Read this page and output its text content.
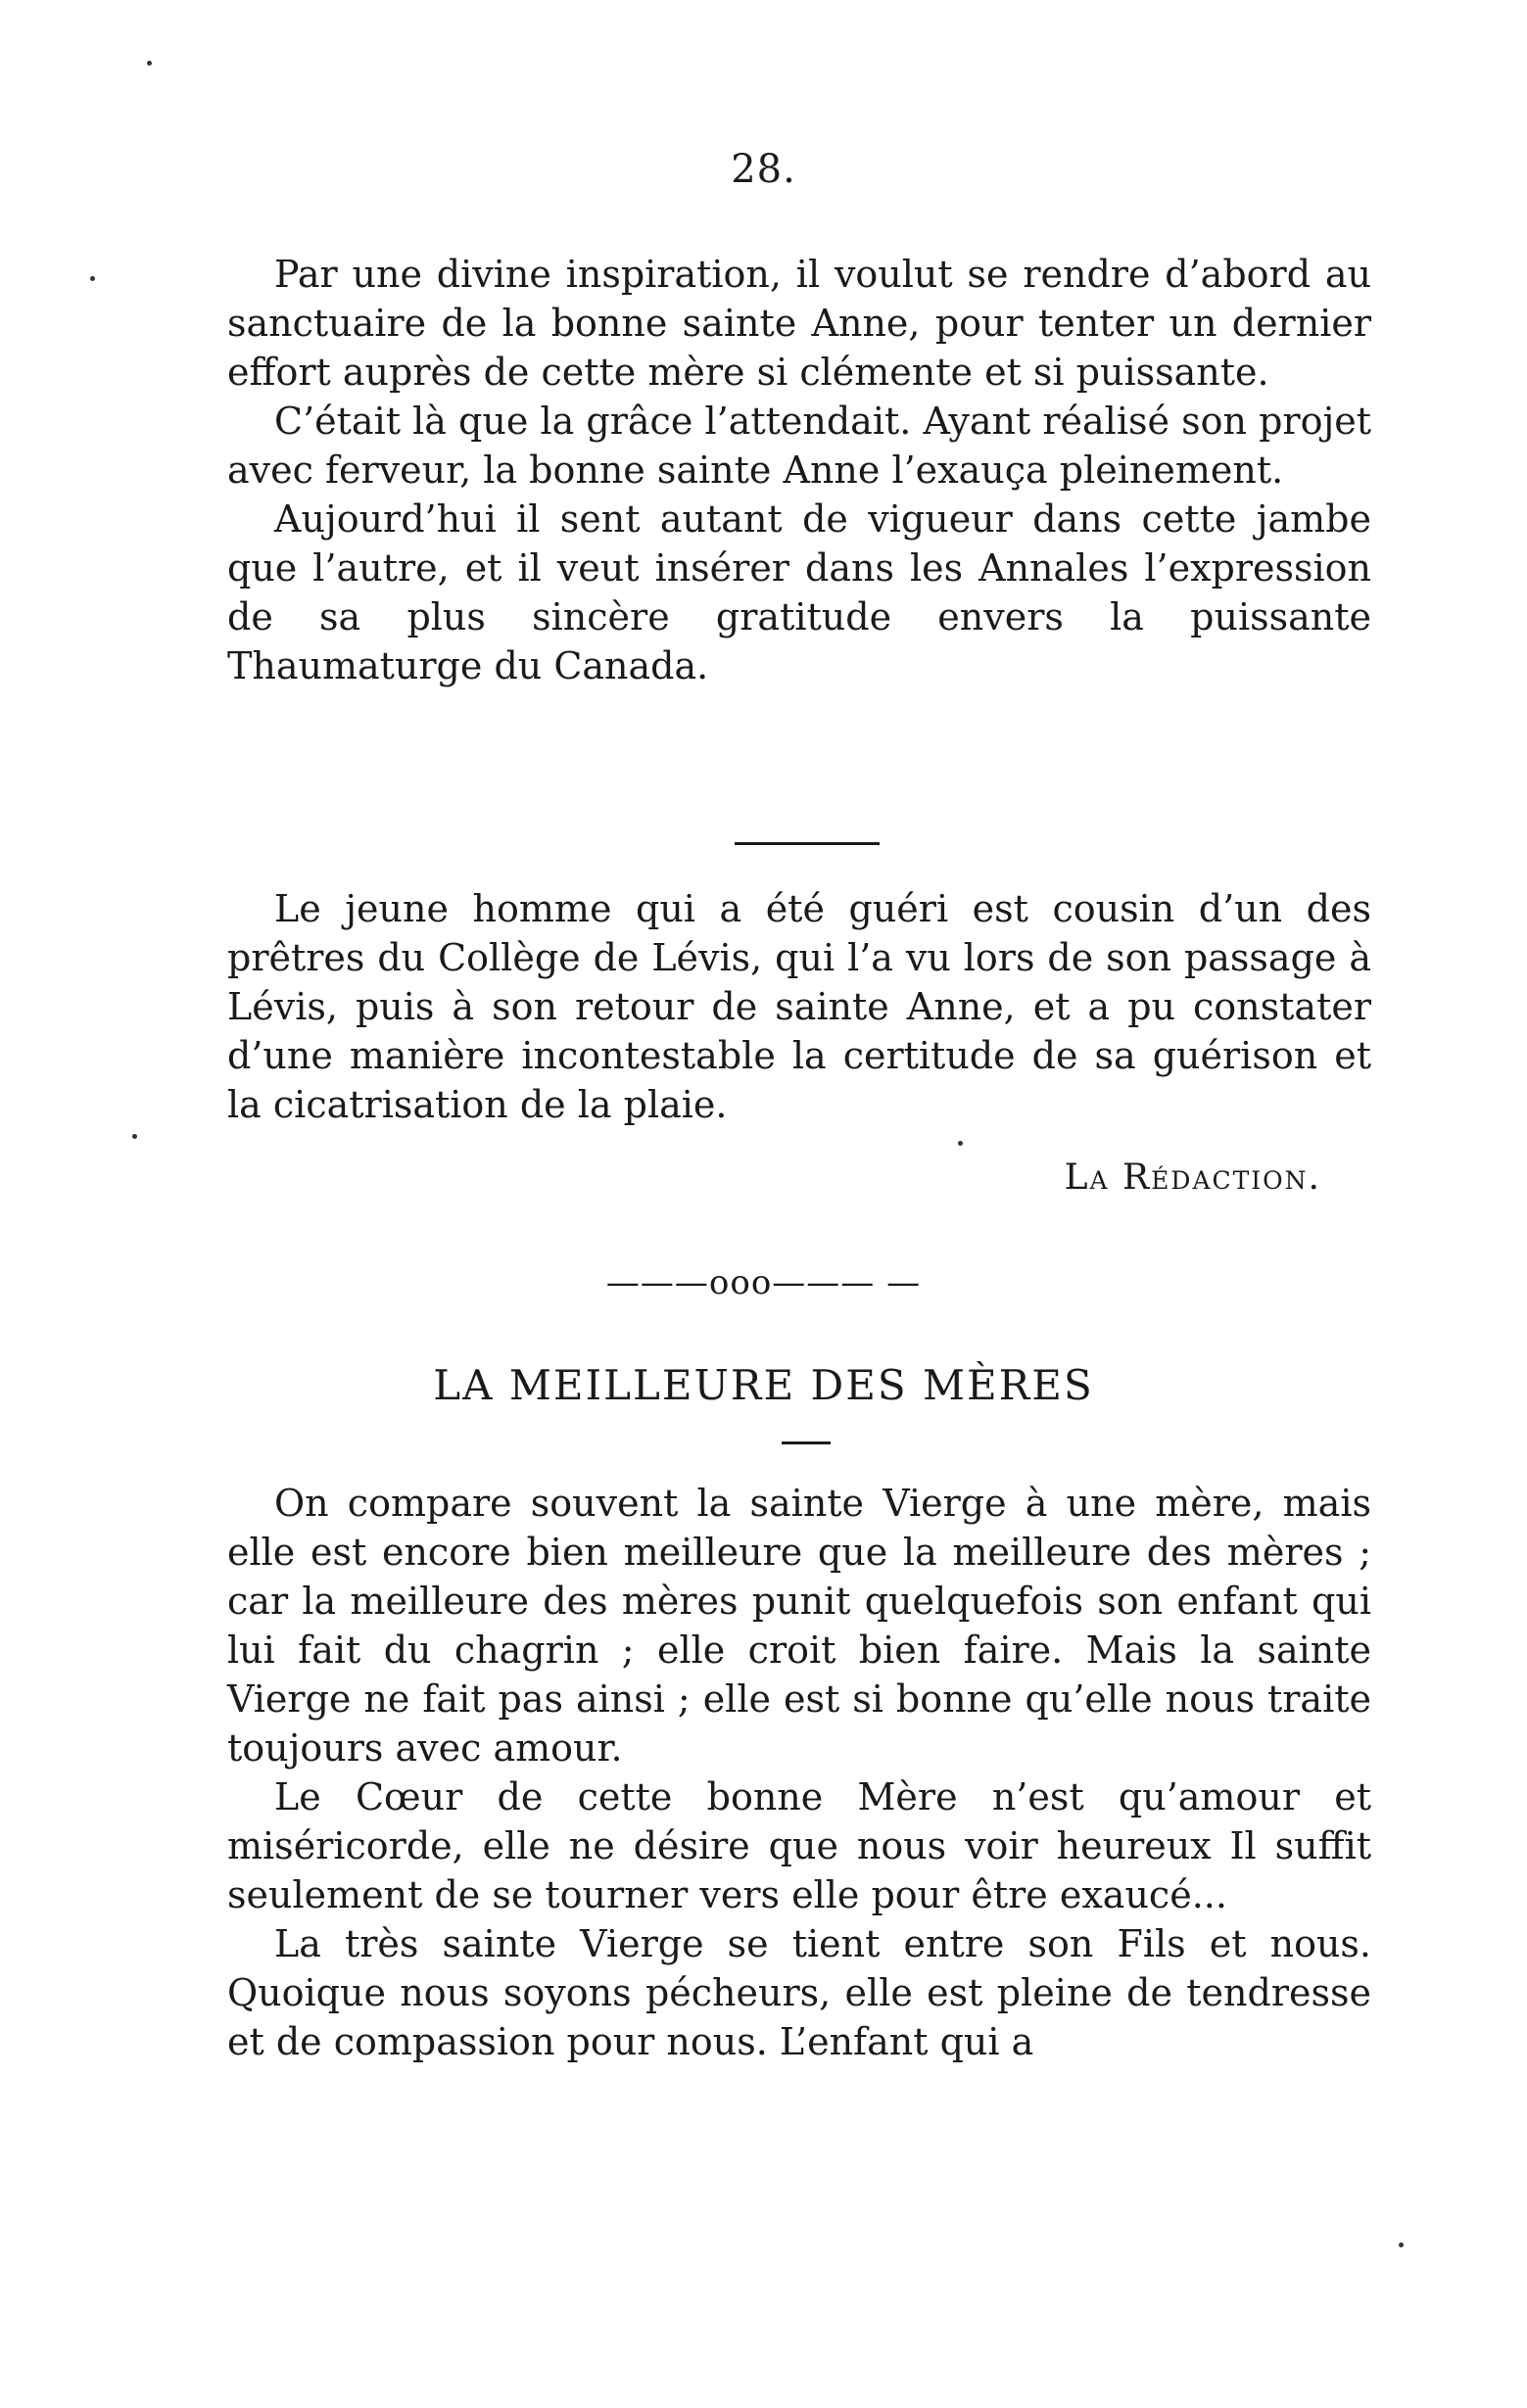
28.

Par une divine inspiration, il voulut se rendre d’abord au sanctuaire de la bonne sainte Anne, pour tenter un dernier effort auprès de cette mère si clémente et si puissante.

C’était là que la grâce l’attendait. Ayant réalisé son projet avec ferveur, la bonne sainte Anne l’exauça pleinement.

Aujourd’hui il sent autant de vigueur dans cette jambe que l’autre, et il veut insérer dans les Annales l’expression de sa plus sincère gratitude envers la puissante Thaumaturge du Canada.

Le jeune homme qui a été guéri est cousin d’un des prêtres du Collège de Lévis, qui l’a vu lors de son passage à Lévis, puis à son retour de sainte Anne, et a pu constater d’une manière incontestable la certitude de sa guérison et la cicatrisation de la plaie.

La Rédaction.
———ooo——— —
LA MEILLEURE DES MÈRES

On compare souvent la sainte Vierge à une mère, mais elle est encore bien meilleure que la meilleure des mères ; car la meilleure des mères punit quelquefois son enfant qui lui fait du chagrin ; elle croit bien faire. Mais la sainte Vierge ne fait pas ainsi ; elle est si bonne qu’elle nous traite toujours avec amour.

Le Cœur de cette bonne Mère n’est qu’amour et miséricorde, elle ne désire que nous voir heureux Il suffit seulement de se tourner vers elle pour être exaucé...

La très sainte Vierge se tient entre son Fils et nous. Quoique nous soyons pécheurs, elle est pleine de tendresse et de compassion pour nous. L’enfant qui a
